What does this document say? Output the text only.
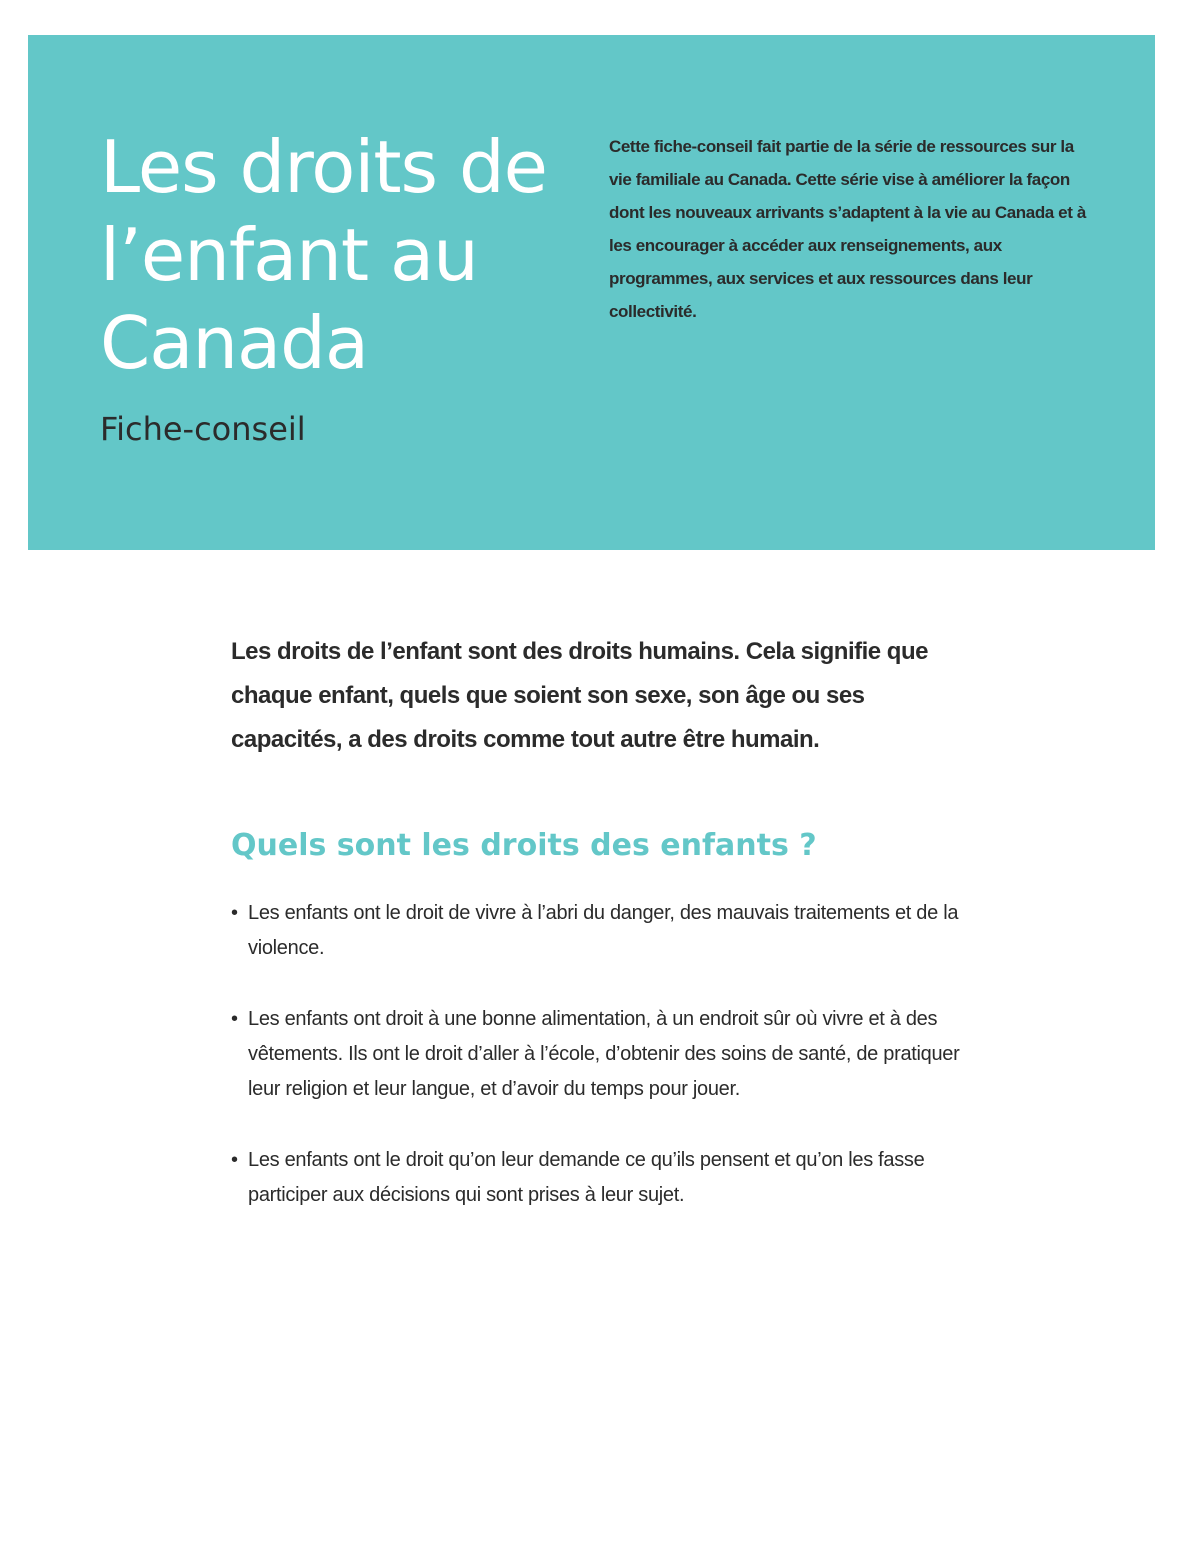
Les droits de
l’enfant au
Canada
Fiche-conseil

Cette fiche-conseil fait partie de la série de ressources sur la vie familiale au Canada. Cette série vise à améliorer la façon dont les nouveaux arrivants s’adaptent à la vie au Canada et à les encourager à accéder aux renseignements, aux programmes, aux services et aux ressources dans leur collectivité.

Les droits de l’enfant sont des droits humains. Cela signifie que chaque enfant, quels que soient son sexe, son âge ou ses capacités, a des droits comme tout autre être humain.

Quels sont les droits des enfants ?
• Les enfants ont le droit de vivre à l’abri du danger, des mauvais traitements et de la violence.
• Les enfants ont droit à une bonne alimentation, à un endroit sûr où vivre et à des vêtements. Ils ont le droit d’aller à l’école, d’obtenir des soins de santé, de pratiquer leur religion et leur langue, et d’avoir du temps pour jouer.
• Les enfants ont le droit qu’on leur demande ce qu’ils pensent et qu’on les fasse participer aux décisions qui sont prises à leur sujet.
